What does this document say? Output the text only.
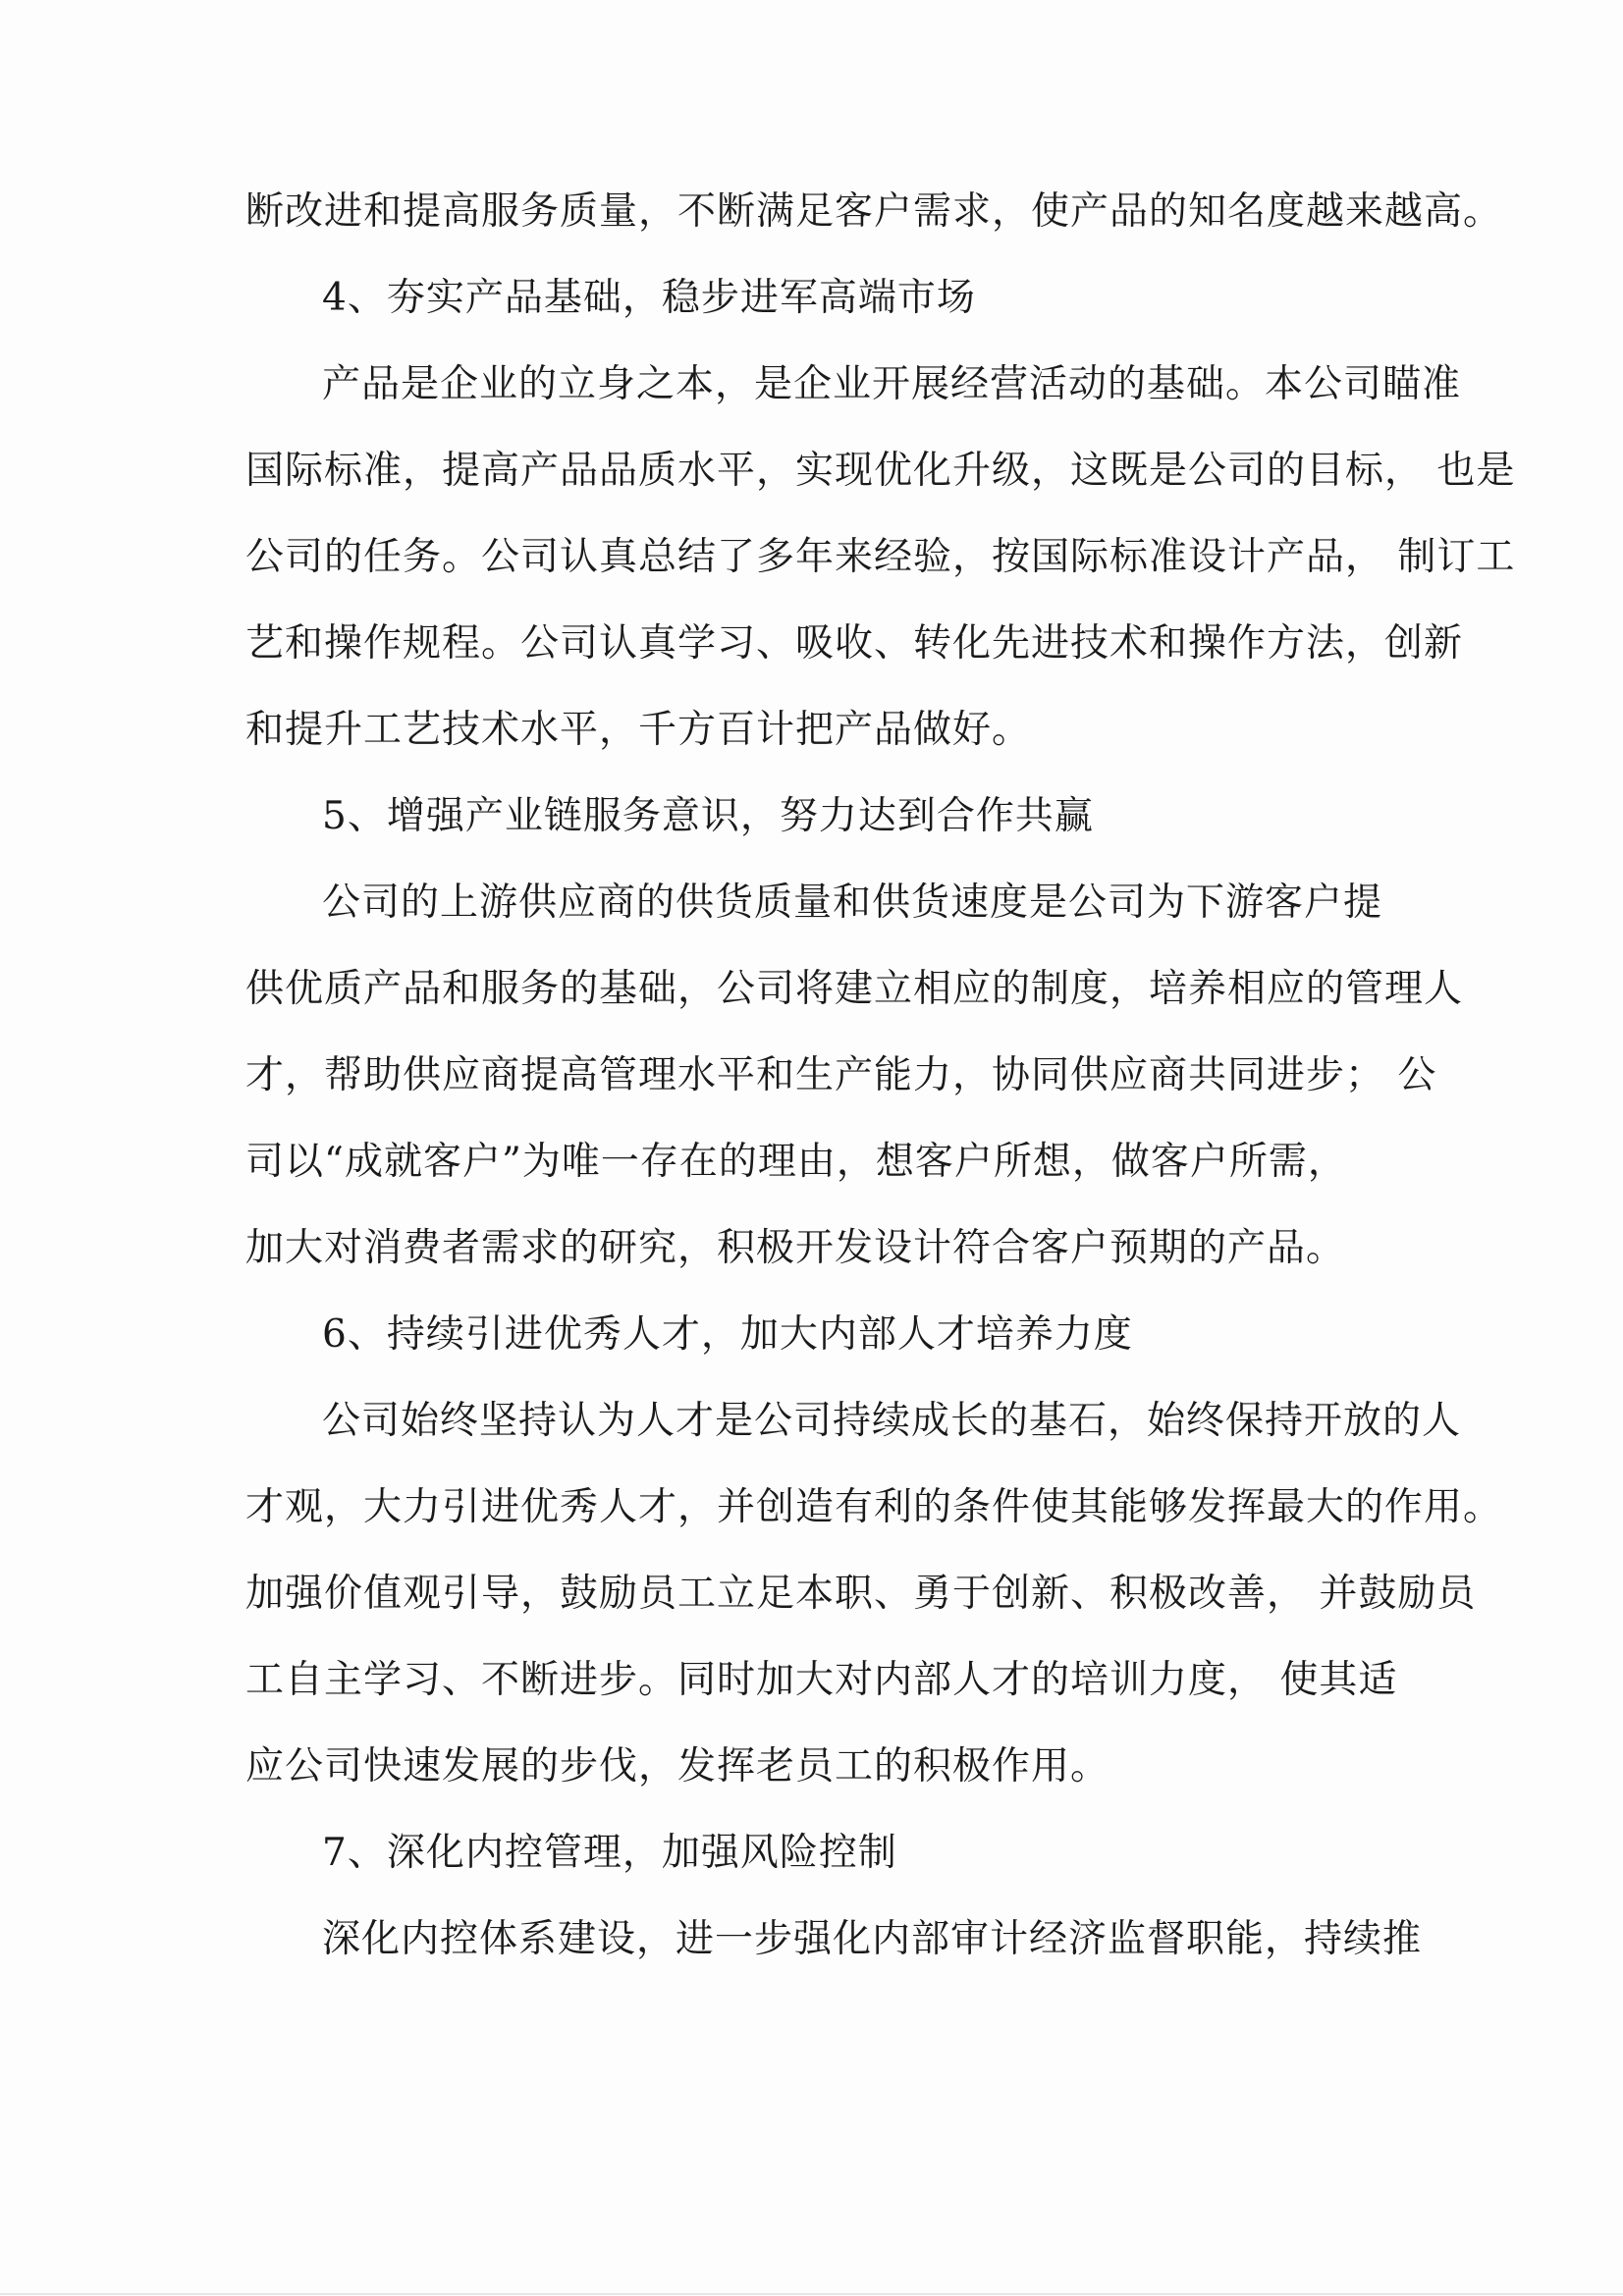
断改进和提高服务质量，不断满足客户需求，使产品的知名度越来越高。
4、夯实产品基础，稳步进军高端市场
产品是企业的立身之本，是企业开展经营活动的基础。本公司瞄准
国际标准，提高产品品质水平，实现优化升级，这既是公司的目标， 也是
公司的任务。公司认真总结了多年来经验，按国际标准设计产品， 制订工
艺和操作规程。公司认真学习、吸收、转化先进技术和操作方法，创新
和提升工艺技术水平，千方百计把产品做好。
5、增强产业链服务意识，努力达到合作共赢
公司的上游供应商的供货质量和供货速度是公司为下游客户提
供优质产品和服务的基础，公司将建立相应的制度，培养相应的管理人
才，帮助供应商提高管理水平和生产能力，协同供应商共同进步； 公
司以“成就客户”为唯一存在的理由，想客户所想，做客户所需，
加大对消费者需求的研究，积极开发设计符合客户预期的产品。
6、持续引进优秀人才，加大内部人才培养力度
公司始终坚持认为人才是公司持续成长的基石，始终保持开放的人
才观，大力引进优秀人才，并创造有利的条件使其能够发挥最大的作用。
加强价值观引导，鼓励员工立足本职、勇于创新、积极改善， 并鼓励员
工自主学习、不断进步。同时加大对内部人才的培训力度， 使其适
应公司快速发展的步伐，发挥老员工的积极作用。
7、深化内控管理，加强风险控制
深化内控体系建设，进一步强化内部审计经济监督职能，持续推
